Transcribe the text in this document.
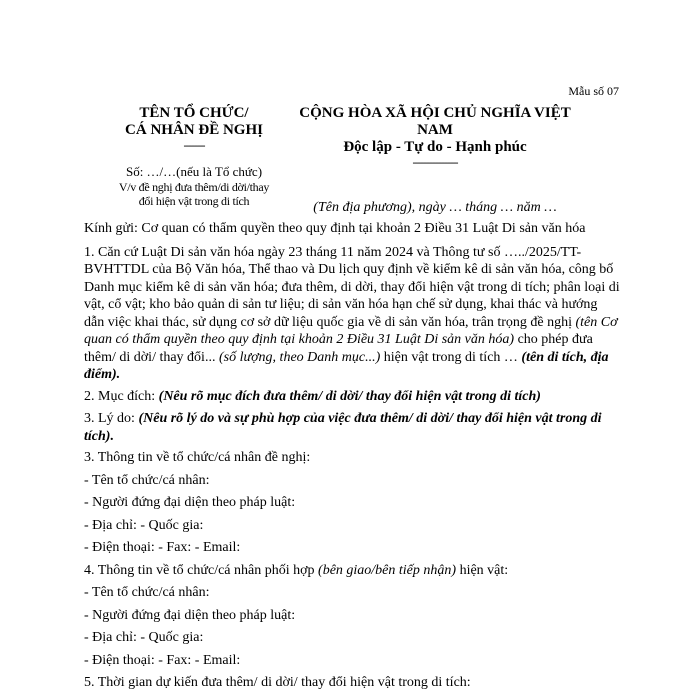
Mẫu số 07
TÊN TỔ CHỨC/
CÁ NHÂN ĐỀ NGHỊ
-------
Số: …/…(nếu là Tổ chức)
V/v đề nghị đưa thêm/di dời/thay
đổi hiện vật trong di tích
CỘNG HÒA XÃ HỘI CHỦ NGHĨA VIỆT NAM
Độc lập - Tự do - Hạnh phúc
---------------
(Tên địa phương), ngày … tháng … năm …

Kính gửi: Cơ quan có thẩm quyền theo quy định tại khoản 2 Điều 31 Luật Di sản văn hóa

1. Căn cứ Luật Di sản văn hóa ngày 23 tháng 11 năm 2024 và Thông tư số …../2025/TT-BVHTTDL của Bộ Văn hóa, Thể thao và Du lịch quy định về kiểm kê di sản văn hóa, công bố Danh mục kiểm kê di sản văn hóa; đưa thêm, di dời, thay đổi hiện vật trong di tích; phân loại di vật, cổ vật; kho bảo quản di sản tư liệu; di sản văn hóa hạn chế sử dụng, khai thác và hướng dẫn việc khai thác, sử dụng cơ sở dữ liệu quốc gia về di sản văn hóa, trân trọng đề nghị (tên Cơ quan có thẩm quyền theo quy định tại khoản 2 Điều 31 Luật Di sản văn hóa) cho phép đưa thêm/ di dời/ thay đổi... (số lượng, theo Danh mục...) hiện vật trong di tích … (tên di tích, địa điểm).

2. Mục đích: (Nêu rõ mục đích đưa thêm/ di dời/ thay đổi hiện vật trong di tích)

3. Lý do: (Nêu rõ lý do và sự phù hợp của việc đưa thêm/ di dời/ thay đổi hiện vật trong di tích).

3. Thông tin về tổ chức/cá nhân đề nghị:

- Tên tổ chức/cá nhân:

- Người đứng đại diện theo pháp luật:

- Địa chỉ: - Quốc gia:

- Điện thoại: - Fax: - Email:

4. Thông tin về tổ chức/cá nhân phối hợp (bên giao/bên tiếp nhận) hiện vật:

- Tên tổ chức/cá nhân:

- Người đứng đại diện theo pháp luật:

- Địa chỉ: - Quốc gia:

- Điện thoại: - Fax: - Email:

5. Thời gian dự kiến đưa thêm/ di dời/ thay đổi hiện vật trong di tích:
